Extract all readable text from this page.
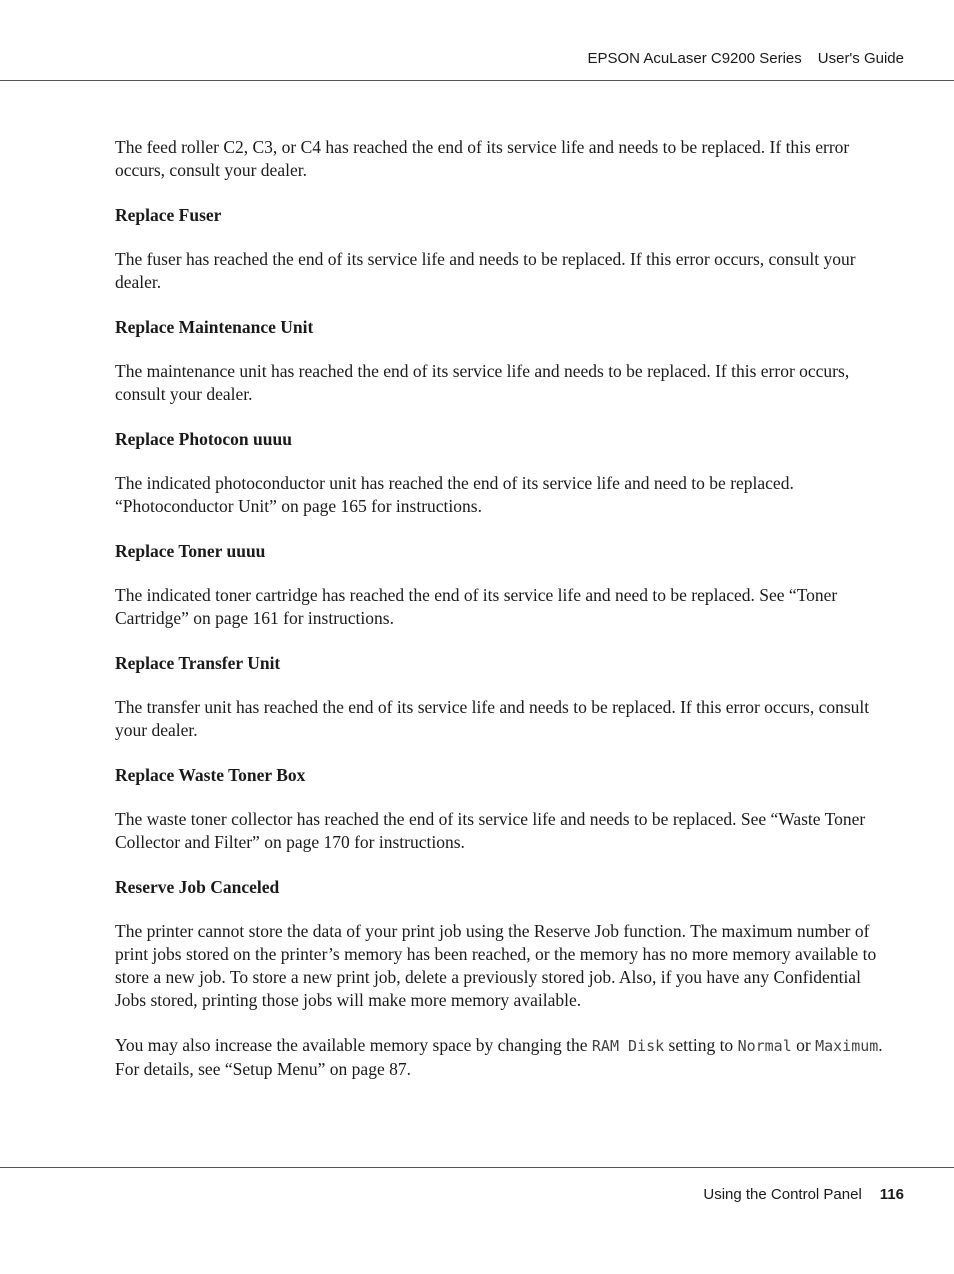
EPSON AcuLaser C9200 Series User's Guide

The feed roller C2, C3, or C4 has reached the end of its service life and needs to be replaced. If this error occurs, consult your dealer.

Replace Fuser

The fuser has reached the end of its service life and needs to be replaced. If this error occurs, consult your dealer.

Replace Maintenance Unit

The maintenance unit has reached the end of its service life and needs to be replaced. If this error occurs, consult your dealer.

Replace Photocon uuuu

The indicated photoconductor unit has reached the end of its service life and need to be replaced. “Photoconductor Unit” on page 165 for instructions.

Replace Toner uuuu

The indicated toner cartridge has reached the end of its service life and need to be replaced. See “Toner Cartridge” on page 161 for instructions.

Replace Transfer Unit

The transfer unit has reached the end of its service life and needs to be replaced. If this error occurs, consult your dealer.

Replace Waste Toner Box

The waste toner collector has reached the end of its service life and needs to be replaced. See “Waste Toner Collector and Filter” on page 170 for instructions.

Reserve Job Canceled

The printer cannot store the data of your print job using the Reserve Job function. The maximum number of print jobs stored on the printer’s memory has been reached, or the memory has no more memory available to store a new job. To store a new print job, delete a previously stored job. Also, if you have any Confidential Jobs stored, printing those jobs will make more memory available.

You may also increase the available memory space by changing the RAM Disk setting to Normal or Maximum. For details, see “Setup Menu” on page 87.

Using the Control Panel 116
